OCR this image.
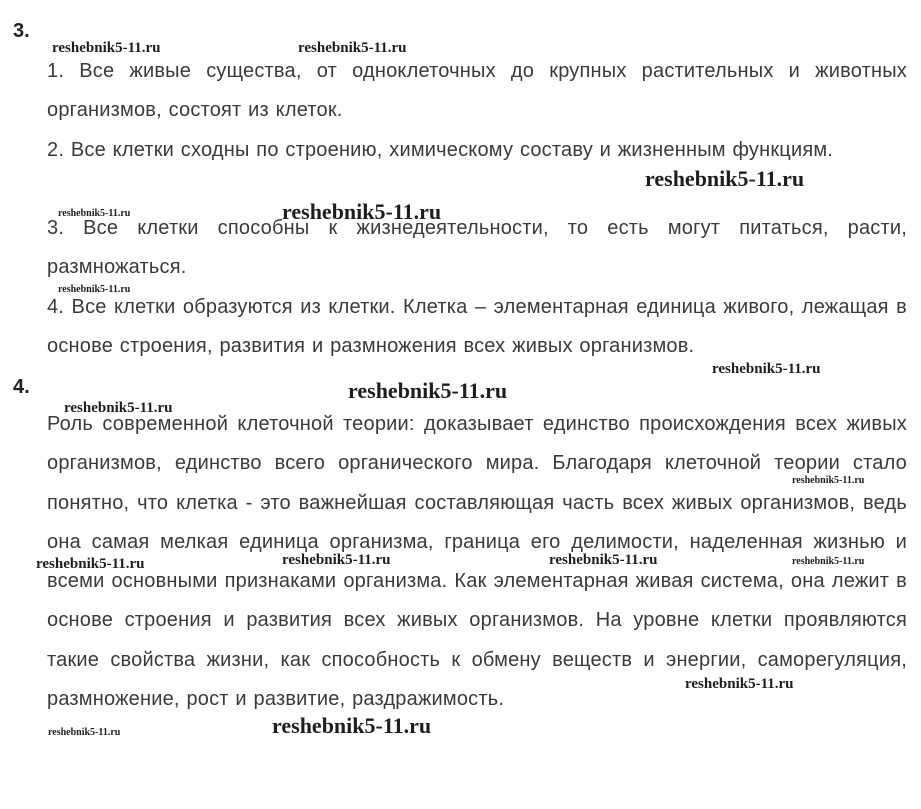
3.

1. Все живые существа, от одноклеточных до крупных растительных и животных организмов, состоят из клеток.

2. Все клетки сходны по строению, химическому составу и жизненным функциям.

3. Все клетки способны к жизнедеятельности, то есть могут питаться, расти, размножаться.

4. Все клетки образуются из клетки. Клетка – элементарная единица живого, лежащая в основе строения, развития и размножения всех живых организмов.

4.

Роль современной клеточной теории: доказывает единство происхождения всех живых организмов, единство всего органического мира. Благодаря клеточной теории стало понятно, что клетка - это важнейшая составляющая часть всех живых организмов, ведь она самая мелкая единица организма, граница его делимости, наделенная жизнью и всеми основными признаками организма. Как элементарная живая система, она лежит в основе строения и развития всех живых организмов. На уровне клетки проявляются такие свойства жизни, как способность к обмену веществ и энергии, саморегуляция, размножение, рост и развитие, раздражимость.

reshebnik5-11.ru	reshebnik5-11.ru
reshebnik5-11.ru
reshebnik5-11.ru	reshebnik5-11.ru
reshebnik5-11.ru
reshebnik5-11.ru
reshebnik5-11.ru
reshebnik5-11.ru
reshebnik5-11.ru
reshebnik5-11.ru	reshebnik5-11.ru	reshebnik5-11.ru	reshebnik5-11.ru
reshebnik5-11.ru
reshebnik5-11.ru	reshebnik5-11.ru
